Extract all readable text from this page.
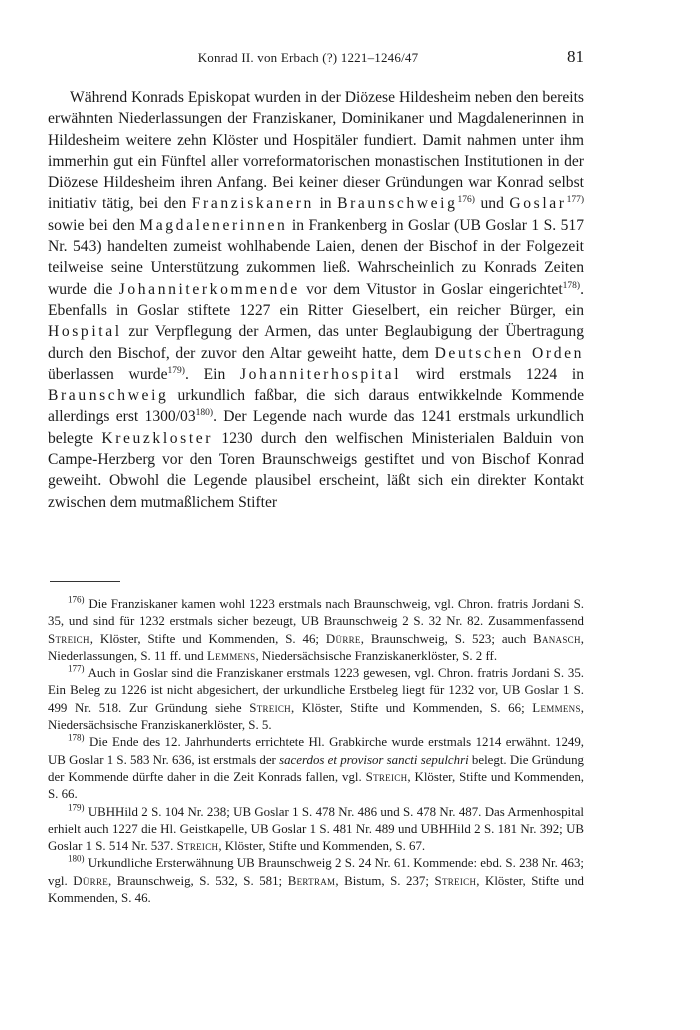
Konrad II. von Erbach (?) 1221–1246/47	81

Während Konrads Episkopat wurden in der Diözese Hildesheim neben den bereits erwähnten Niederlassungen der Franziskaner, Dominikaner und Magdalenerinnen in Hildesheim weitere zehn Klöster und Hospitäler fundiert. Damit nahmen unter ihm immerhin gut ein Fünftel aller vorreformatorischen monastischen Institutionen in der Diözese Hildesheim ihren Anfang. Bei keiner dieser Gründungen war Konrad selbst initiativ tätig, bei den Franziskanern in Braunschweig$^{176)}$ und Goslar$^{177)}$ sowie bei den Magdalenerinnen in Frankenberg in Goslar (UB Goslar 1 S. 517 Nr. 543) handelten zumeist wohlhabende Laien, denen der Bischof in der Folgezeit teilweise seine Unterstützung zukommen ließ. Wahrscheinlich zu Konrads Zeiten wurde die Johanniterkommende vor dem Vitustor in Goslar eingerichtet$^{178)}$. Ebenfalls in Goslar stiftete 1227 ein Ritter Gieselbert, ein reicher Bürger, ein Hospital zur Verpflegung der Armen, das unter Beglaubigung der Übertragung durch den Bischof, der zuvor den Altar geweiht hatte, dem Deutschen Orden überlassen wurde$^{179)}$. Ein Johanniterhospital wird erstmals 1224 in Braunschweig urkundlich faßbar, die sich daraus entwikkelnde Kommende allerdings erst 1300/03$^{180)}$. Der Legende nach wurde das 1241 erstmals urkundlich belegte Kreuzkloster 1230 durch den welfischen Ministerialen Balduin von Campe-Herzberg vor den Toren Braunschweigs gestiftet und von Bischof Konrad geweiht. Obwohl die Legende plausibel erscheint, läßt sich ein direkter Kontakt zwischen dem mutmaßlichem Stifter

$^{176)}$ Die Franziskaner kamen wohl 1223 erstmals nach Braunschweig, vgl. Chron. fratris Jordani S. 35, und sind für 1232 erstmals sicher bezeugt, UB Braunschweig 2 S. 32 Nr. 82. Zusammenfassend Streich, Klöster, Stifte und Kommenden, S. 46; Dürre, Braunschweig, S. 523; auch Banasch, Niederlassungen, S. 11 ff. und Lemmens, Niedersächsische Franziskanerklöster, S. 2 ff.

$^{177)}$ Auch in Goslar sind die Franziskaner erstmals 1223 gewesen, vgl. Chron. fratris Jordani S. 35. Ein Beleg zu 1226 ist nicht abgesichert, der urkundliche Erstbeleg liegt für 1232 vor, UB Goslar 1 S. 499 Nr. 518. Zur Gründung siehe Streich, Klöster, Stifte und Kommenden, S. 66; Lemmens, Niedersächsische Franziskanerklöster, S. 5.

$^{178)}$ Die Ende des 12. Jahrhunderts errichtete Hl. Grabkirche wurde erstmals 1214 erwähnt. 1249, UB Goslar 1 S. 583 Nr. 636, ist erstmals der sacerdos et provisor sancti sepulchri belegt. Die Gründung der Kommende dürfte daher in die Zeit Konrads fallen, vgl. Streich, Klöster, Stifte und Kommenden, S. 66.

$^{179)}$ UBHHild 2 S. 104 Nr. 238; UB Goslar 1 S. 478 Nr. 486 und S. 478 Nr. 487. Das Armenhospital erhielt auch 1227 die Hl. Geistkapelle, UB Goslar 1 S. 481 Nr. 489 und UBHHild 2 S. 181 Nr. 392; UB Goslar 1 S. 514 Nr. 537. Streich, Klöster, Stifte und Kommenden, S. 67.

$^{180)}$ Urkundliche Ersterwähnung UB Braunschweig 2 S. 24 Nr. 61. Kommende: ebd. S. 238 Nr. 463; vgl. Dürre, Braunschweig, S. 532, S. 581; Bertram, Bistum, S. 237; Streich, Klöster, Stifte und Kommenden, S. 46.
